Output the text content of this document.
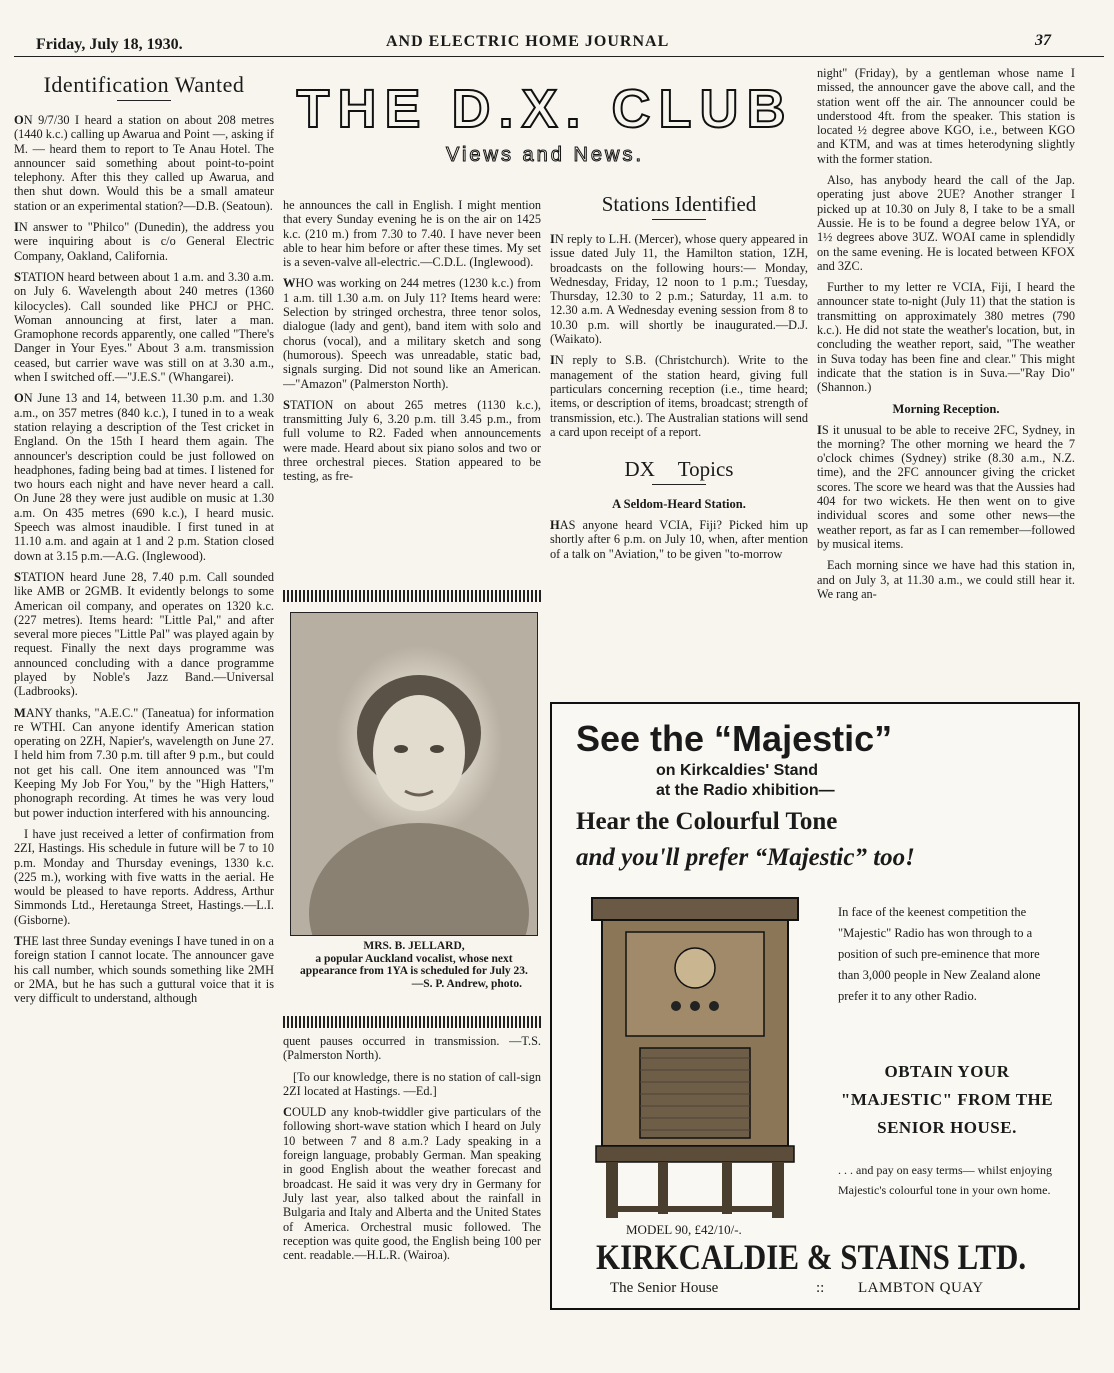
Friday, July 18, 1930.	AND ELECTRIC HOME JOURNAL	37
THE D.X. CLUB
Views and News.
Identification Wanted

ON 9/7/30 I heard a station on about 208 metres (1440 k.c.) calling up Awarua and Point —, asking if M. — heard them to report to Te Anau Hotel. The announcer said something about point-to-point telephony. After this they called up Awarua, and then shut down. Would this be a small amateur station or an experimental station?—D.B. (Seatoun).

IN answer to "Philco" (Dunedin), the address you were inquiring about is c/o General Electric Company, Oakland, California.

STATION heard between about 1 a.m. and 3.30 a.m. on July 6. Wavelength about 240 metres (1360 kilocycles). Call sounded like PHCJ or PHC. Woman announcing at first, later a man. Gramophone records apparently, one called "There's Danger in Your Eyes." About 3 a.m. transmission ceased, but carrier wave was still on at 3.30 a.m., when I switched off.—"J.E.S." (Whangarei).

ON June 13 and 14, between 11.30 p.m. and 1.30 a.m., on 357 metres (840 k.c.), I tuned in to a weak station relaying a description of the Test cricket in England. On the 15th I heard them again. The announcer's description could be just followed on headphones, fading being bad at times. I listened for two hours each night and have never heard a call. On June 28 they were just audible on music at 1.30 a.m. On 435 metres (690 k.c.), I heard music. Speech was almost inaudible. I first tuned in at 11.10 a.m. and again at 1 and 2 p.m. Station closed down at 3.15 p.m.—A.G. (Inglewood).

STATION heard June 28, 7.40 p.m. Call sounded like AMB or 2GMB. It evidently belongs to some American oil company, and operates on 1320 k.c. (227 metres). Items heard: "Little Pal," and after several more pieces "Little Pal" was played again by request. Finally the next days programme was announced concluding with a dance programme played by Noble's Jazz Band.—Universal (Ladbrooks).

MANY thanks, "A.E.C." (Taneatua) for information re WTHI. Can anyone identify American station operating on 2ZH, Napier's, wavelength on June 27. I held him from 7.30 p.m. till after 9 p.m., but could not get his call. One item announced was "I'm Keeping My Job For You," by the "High Hatters," phonograph recording. At times he was very loud but power induction interfered with his announcing.

I have just received a letter of confirmation from 2ZI, Hastings. His schedule in future will be 7 to 10 p.m. Monday and Thursday evenings, 1330 k.c. (225 m.), working with five watts in the aerial. He would be pleased to have reports. Address, Arthur Simmonds Ltd., Heretaunga Street, Hastings.—L.I. (Gisborne).

THE last three Sunday evenings I have tuned in on a foreign station I cannot locate. The announcer gave his call number, which sounds something like 2MH or 2MA, but he has such a guttural voice that it is very difficult to understand, although

he announces the call in English. I might mention that every Sunday evening he is on the air on 1425 k.c. (210 m.) from 7.30 to 7.40. I have never been able to hear him before or after these times. My set is a seven-valve all-electric.—C.D.L. (Inglewood).

WHO was working on 244 metres (1230 k.c.) from 1 a.m. till 1.30 a.m. on July 11? Items heard were: Selection by stringed orchestra, three tenor solos, dialogue (lady and gent), band item with solo and chorus (vocal), and a military sketch and song (humorous). Speech was unreadable, static bad, signals surging. Did not sound like an American.—"Amazon" (Palmerston North).

STATION on about 265 metres (1130 k.c.), transmitting July 6, 3.20 p.m. till 3.45 p.m., from full volume to R2. Faded when announcements were made. Heard about six piano solos and two or three orchestral pieces. Station appeared to be testing, as fre-

MRS. B. JELLARD,
a popular Auckland vocalist, whose next appearance from 1YA is scheduled for July 23.
—S. P. Andrew, photo.

quent pauses occurred in transmission. —T.S. (Palmerston North).

[To our knowledge, there is no station of call-sign 2ZI located at Hastings. —Ed.]

COULD any knob-twiddler give particulars of the following short-wave station which I heard on July 10 between 7 and 8 a.m.? Lady speaking in a foreign language, probably German. Man speaking in good English about the weather forecast and broadcast. He said it was very dry in Germany for July last year, also talked about the rainfall in Bulgaria and Italy and Alberta and the United States of America. Orchestral music followed. The reception was quite good, the English being 100 per cent. readable.—H.L.R. (Wairoa).

Stations Identified

IN reply to L.H. (Mercer), whose query appeared in issue dated July 11, the Hamilton station, 1ZH, broadcasts on the following hours:— Monday, Wednesday, Friday, 12 noon to 1 p.m.; Tuesday, Thursday, 12.30 to 2 p.m.; Saturday, 11 a.m. to 12.30 a.m. A Wednesday evening session from 8 to 10.30 p.m. will shortly be inaugurated.—D.J. (Waikato).

IN reply to S.B. (Christchurch). Write to the management of the station heard, giving full particulars concerning reception (i.e., time heard; items, or description of items, broadcast; strength of transmission, etc.). The Australian stations will send a card upon receipt of a report.

DX Topics
A Seldom-Heard Station.

HAS anyone heard VCIA, Fiji? Picked him up shortly after 6 p.m. on July 10, when, after mention of a talk on "Aviation," to be given "to-morrow

night" (Friday), by a gentleman whose name I missed, the announcer gave the above call, and the station went off the air. The announcer could be understood 4ft. from the speaker. This station is located ½ degree above KGO, i.e., between KGO and KTM, and was at times heterodyning slightly with the former station.

Also, has anybody heard the call of the Jap. operating just above 2UE? Another stranger I picked up at 10.30 on July 8, I take to be a small Aussie. He is to be found a degree below 1YA, or 1½ degrees above 3UZ. WOAI came in splendidly on the same evening. He is located between KFOX and 3ZC.

Further to my letter re VCIA, Fiji, I heard the announcer state to-night (July 11) that the station is transmitting on approximately 380 metres (790 k.c.). He did not state the weather's location, but, in concluding the weather report, said, "The weather in Suva today has been fine and clear." This might indicate that the station is in Suva.—"Ray Dio" (Shannon.)

Morning Reception.

IS it unusual to be able to receive 2FC, Sydney, in the morning? The other morning we heard the 7 o'clock chimes (Sydney) strike (8.30 a.m., N.Z. time), and the 2FC announcer giving the cricket scores. The score we heard was that the Aussies had 404 for two wickets. He then went on to give individual scores and some other news—the weather report, as far as I can remember—followed by musical items.

Each morning since we have had this station in, and on July 3, at 11.30 a.m., we could still hear it. We rang an-

See the “Majestic”
on Kirkcaldies' Stand
at the Radio xhibition—
Hear the Colourful Tone
and you'll prefer “Majestic” too!
In face of the keenest competition the "Majestic" Radio has won through to a position of such pre-eminence that more than 3,000 people in New Zealand alone prefer it to any other Radio.
OBTAIN YOUR "MAJESTIC" FROM THE SENIOR HOUSE.
. . . and pay on easy terms— whilst enjoying Majestic's colourful tone in your own home.
MODEL 90, £42/10/-.
KIRKCALDIE & STAINS LTD.
The Senior House	:: LAMBTON QUAY
